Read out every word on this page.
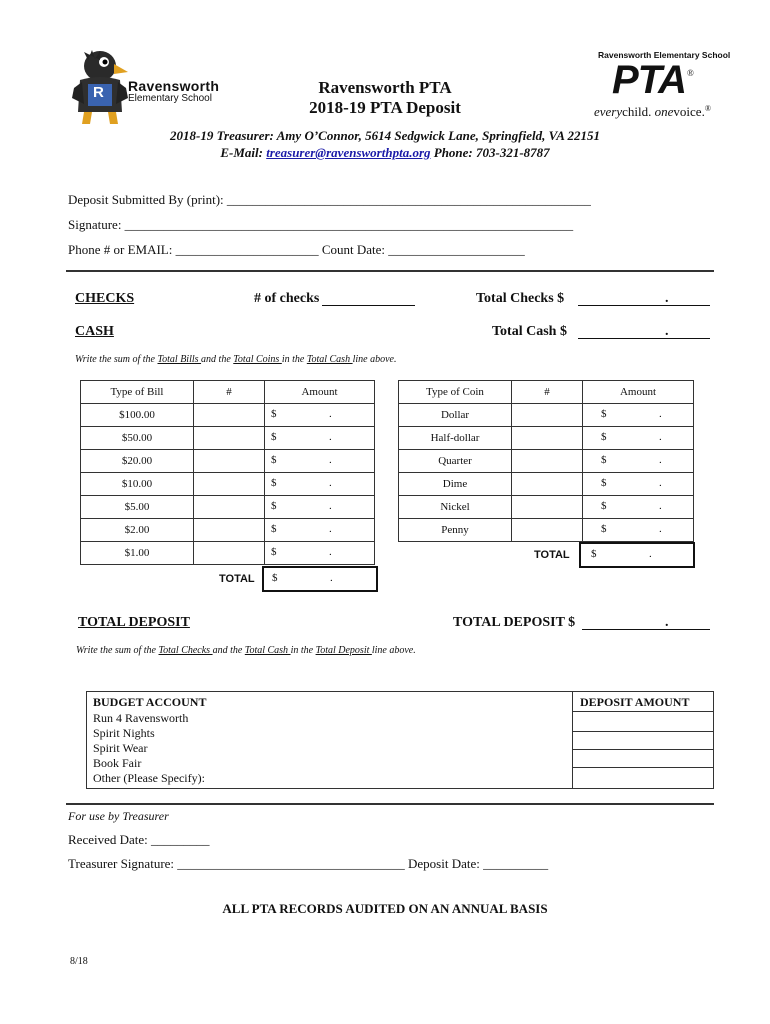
R Ravensworth
Elementary School
Ravensworth Elementary School
PTA ®
everychild. onevoice.®
Ravensworth PTA
2018-19 PTA Deposit
2018-19 Treasurer: Amy O’Connor, 5614 Sedgwick Lane, Springfield, VA 22151
E-Mail: treasurer@ravensworthpta.org Phone: 703-321-8787
Deposit Submitted By (print): ________________________________________________________
Signature: _____________________________________________________________________
Phone # or EMAIL: ______________________ Count Date: _____________________
CHECKS	# of checks	Total Checks $	.
CASH	Total Cash $	.
Write the sum of the Total Bills and the Total Coins in the Total Cash line above.
Type of Bill	#	Amount
$100.00		$ .

$50.00		$ .

$20.00		$ .

$10.00		$ .

$5.00		$ .

$2.00		$ .

$1.00		$ .
TOTAL $	.
Type of Coin	#	Amount
Dollar		$ .

Half-dollar		$ .

Quarter		$ .

Dime		$ .

Nickel		$ .

Penny		$ .
TOTAL $	.
TOTAL DEPOSIT	TOTAL DEPOSIT $	.
Write the sum of the Total Checks and the Total Cash in the Total Deposit line above.
BUDGET ACCOUNT	DEPOSIT AMOUNT
Run 4 Ravensworth
Spirit Nights
Spirit Wear
Book Fair
Other (Please Specify):
For use by Treasurer
Received Date: _________
Treasurer Signature: ___________________________________ Deposit Date: __________
ALL PTA RECORDS AUDITED ON AN ANNUAL BASIS
8/18
